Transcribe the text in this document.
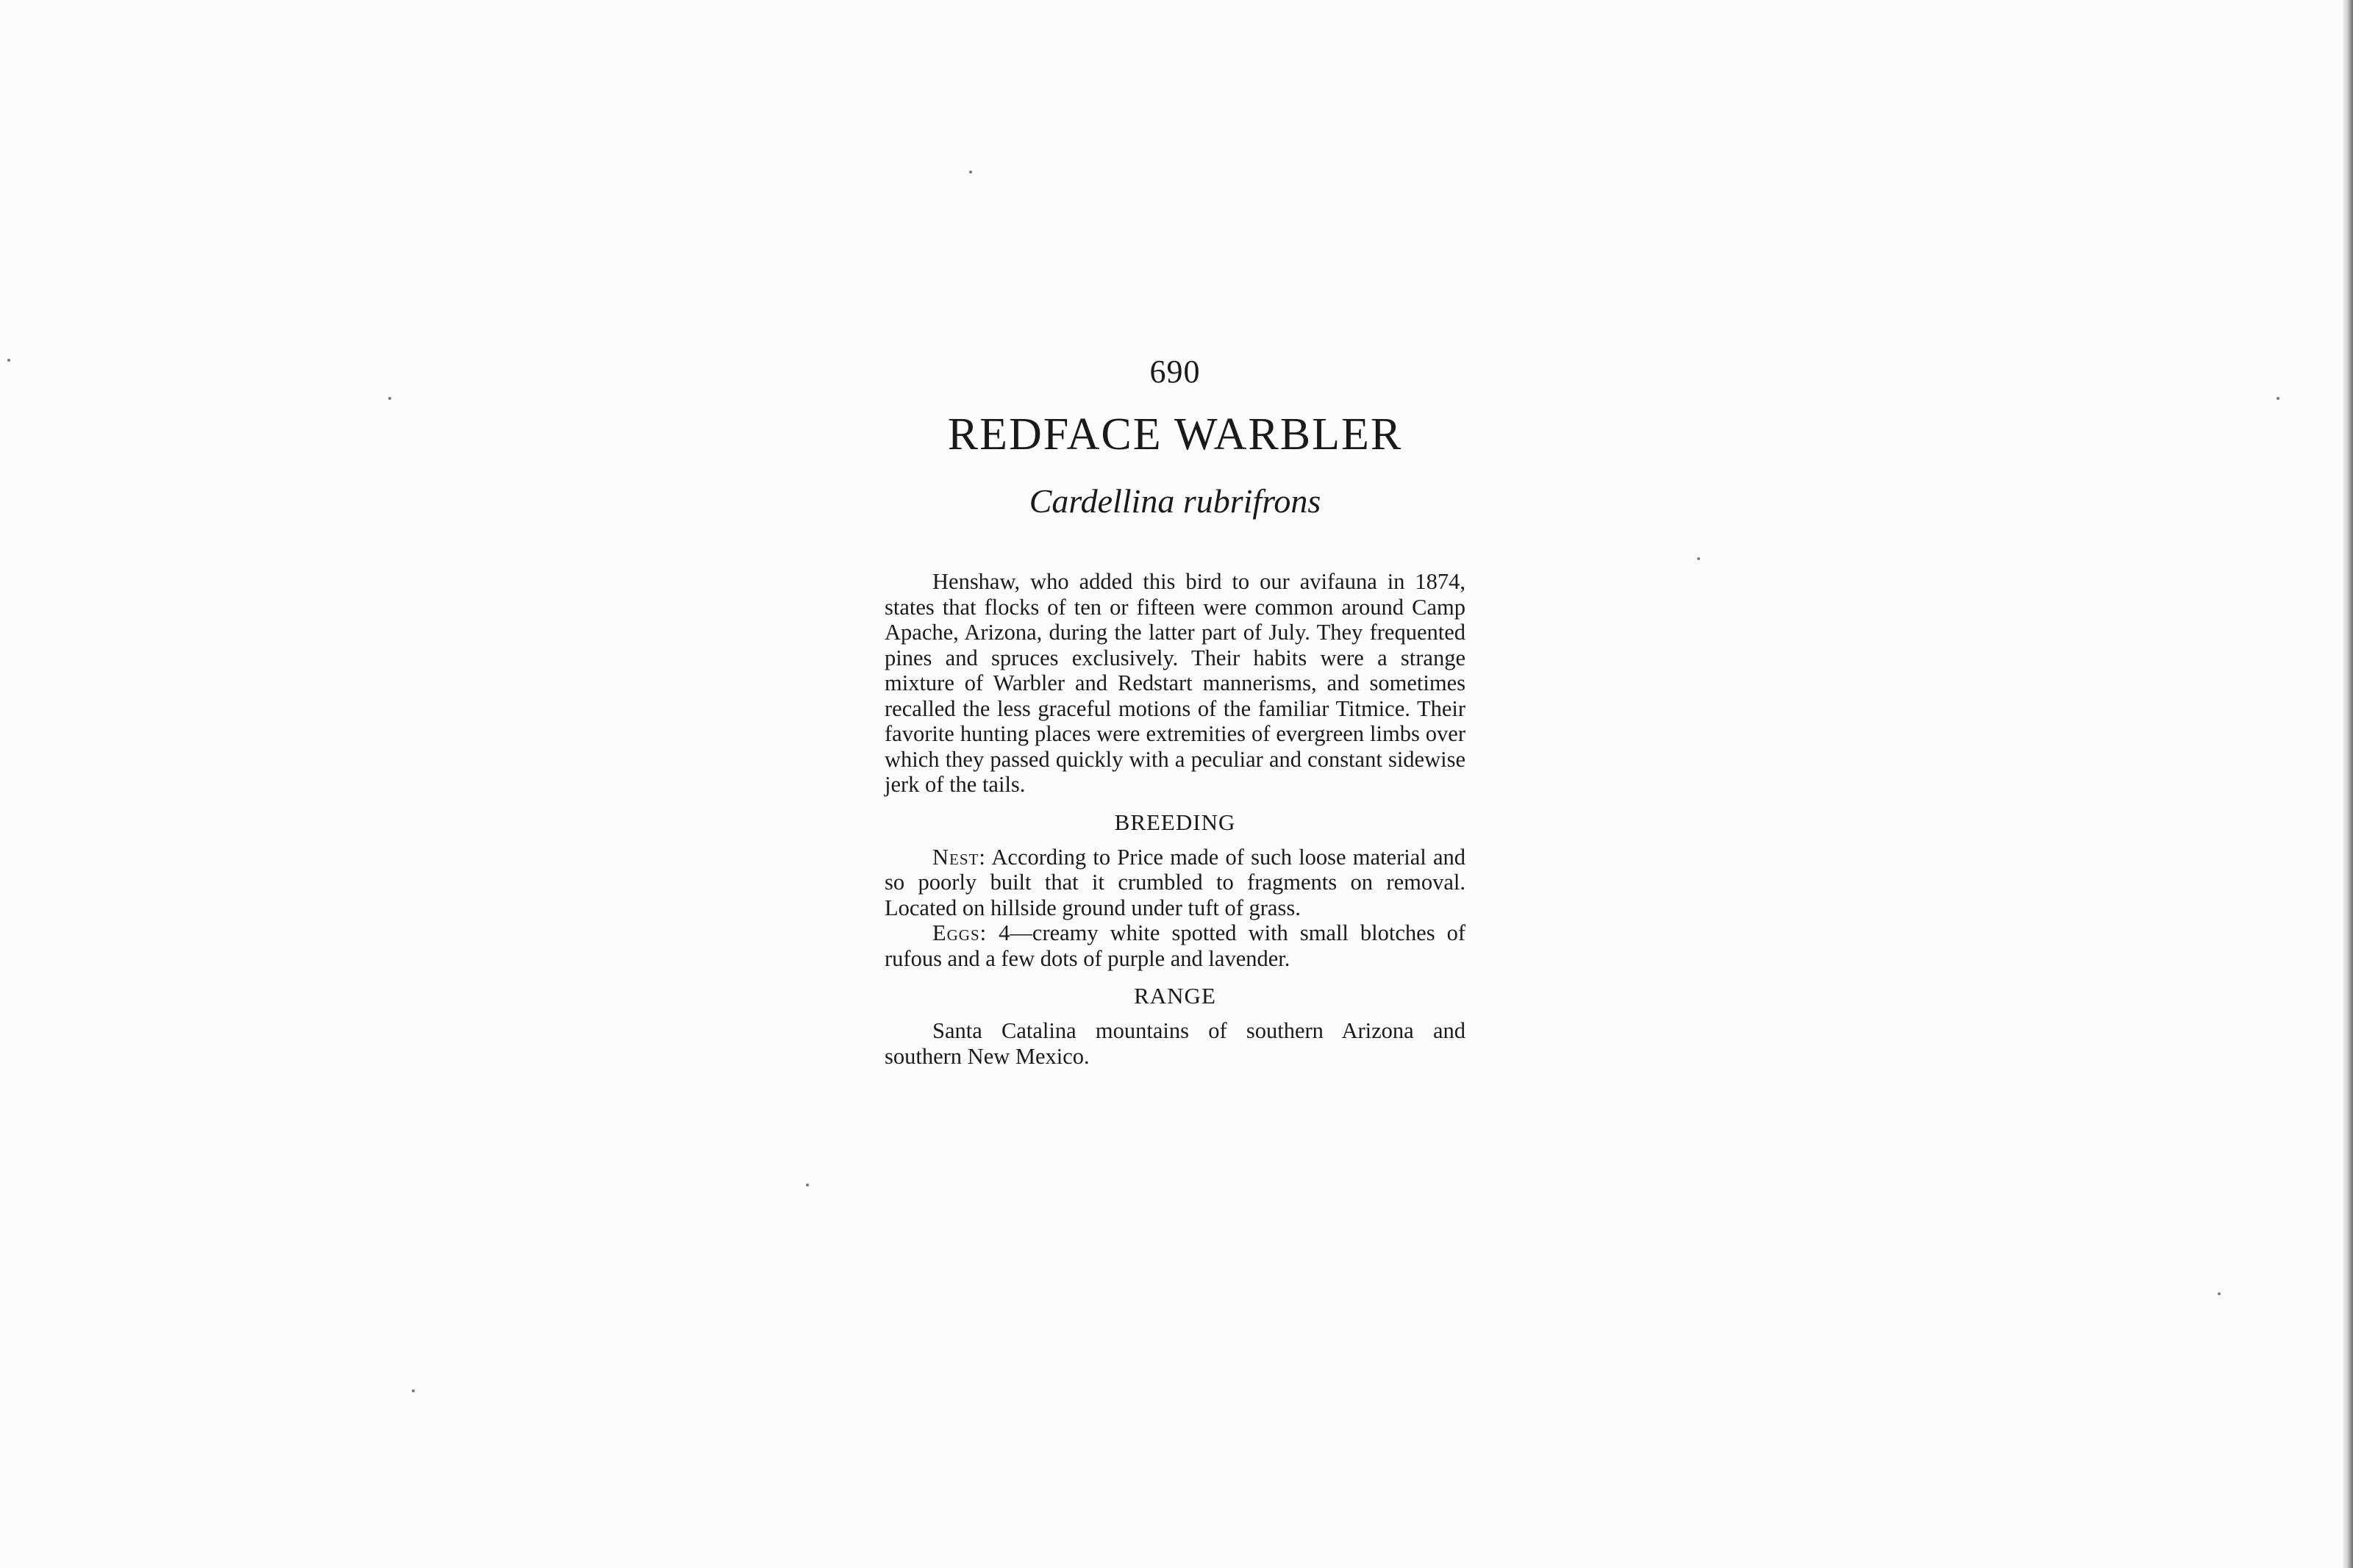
690

REDFACE WARBLER

Cardellina rubrifrons

Henshaw, who added this bird to our avifauna in 1874, states that flocks of ten or fifteen were common around Camp Apache, Arizona, during the latter part of July. They frequented pines and spruces exclusively. Their habits were a strange mixture of Warbler and Redstart mannerisms, and sometimes recalled the less graceful motions of the familiar Titmice. Their favorite hunting places were extremities of evergreen limbs over which they passed quickly with a peculiar and constant sidewise jerk of the tails.

BREEDING

Nest: According to Price made of such loose material and so poorly built that it crumbled to fragments on removal. Located on hillside ground under tuft of grass.

Eggs: 4—creamy white spotted with small blotches of rufous and a few dots of purple and lavender.

RANGE

Santa Catalina mountains of southern Arizona and southern New Mexico.
